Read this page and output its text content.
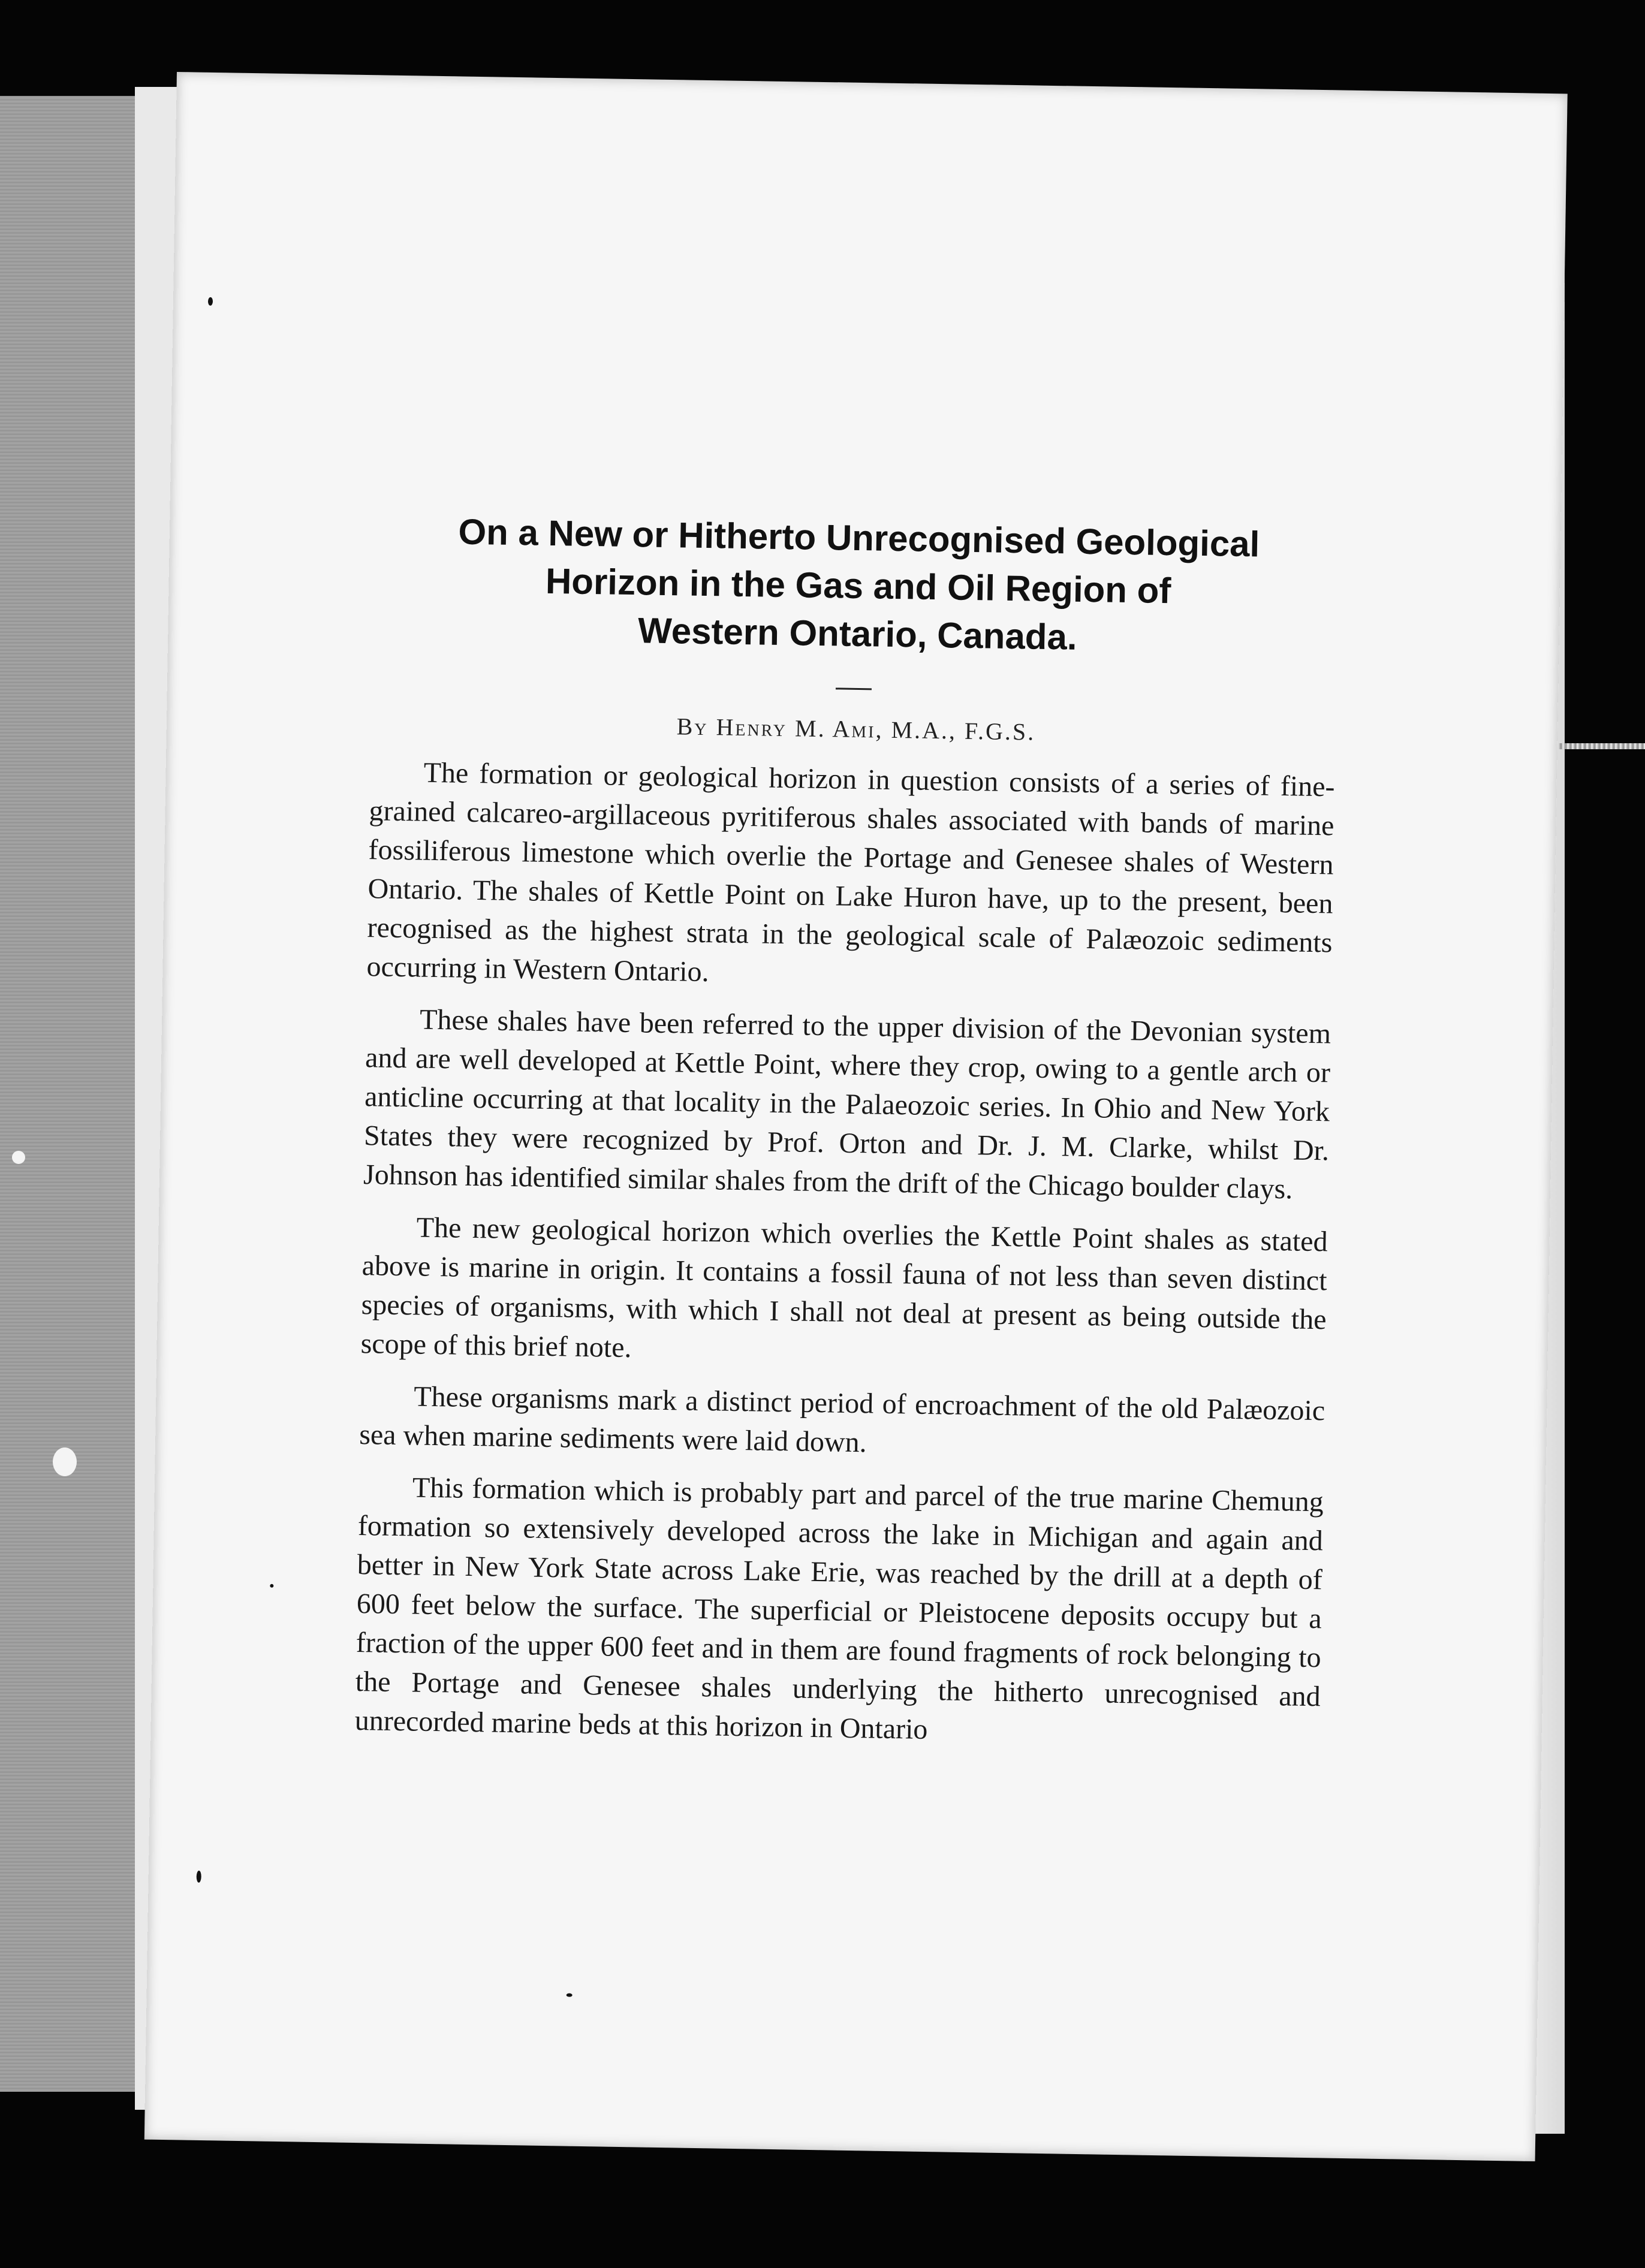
On a New or Hitherto Unrecognised Geological
Horizon in the Gas and Oil Region of
Western Ontario, Canada.
By Henry M. Ami, M.A., F.G.S.

The formation or geological horizon in question consists of a series of fine-grained calcareo-argillaceous pyritiferous shales associated with bands of marine fossiliferous limestone which overlie the Portage and Genesee shales of Western Ontario. The shales of Kettle Point on Lake Huron have, up to the present, been recognised as the highest strata in the geological scale of Palæozoic sediments occurring in Western Ontario.

These shales have been referred to the upper division of the Devonian system and are well developed at Kettle Point, where they crop, owing to a gentle arch or anticline occurring at that locality in the Palaeozoic series. In Ohio and New York States they were recognized by Prof. Orton and Dr. J. M. Clarke, whilst Dr. Johnson has identified similar shales from the drift of the Chicago boulder clays.

The new geological horizon which overlies the Kettle Point shales as stated above is marine in origin. It contains a fossil fauna of not less than seven distinct species of organisms, with which I shall not deal at present as being outside the scope of this brief note.

These organisms mark a distinct period of encroachment of the old Palæozoic sea when marine sediments were laid down.

This formation which is probably part and parcel of the true marine Chemung formation so extensively developed across the lake in Michigan and again and better in New York State across Lake Erie, was reached by the drill at a depth of 600 feet below the surface. The superficial or Pleistocene deposits occupy but a fraction of the upper 600 feet and in them are found fragments of rock belonging to the Portage and Genesee shales underlying the hitherto unrecognised and unrecorded marine beds at this horizon in Ontario
